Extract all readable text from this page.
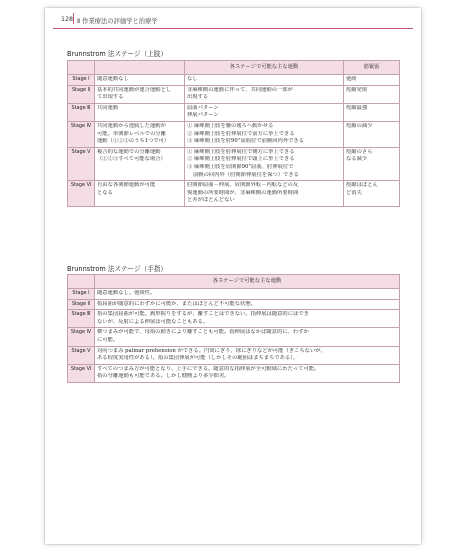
128 Ⅱ 作業療法の評価学と治療学
Brunnstrom 法ステージ（上肢）
		各ステージで可能な主な運動	筋緊張
Stage Ⅰ	随意運動なし	なし	弛緩

Stage Ⅱ	基本的共同運動が連合運動とし
て出現する	非麻痺側の運動に伴って、共同運動の一部が
出現する	痙縮発現

Stage Ⅲ	共同運動	屈曲パターン
伸展パターン	痙縮最強

Stage Ⅳ	共同運動から逸脱した運動が
可能。単関節レベルでの分離
運動（①②③のうち1つで可）	① 麻痺側上肢を腰の後ろへ動かせる
② 麻痺側上肢を肘伸展位で前方に挙上できる
③ 麻痺側上肢を肘90°屈曲位で前腕回内外できる	痙縮の減少

Stage Ⅴ	複合的な運動での分離運動
（①②③すべて可能な場合）	① 麻痺側上肢を肘伸展位で側方に挙上できる
② 麻痺側上肢を肘伸展位で頭上に挙上できる
③ 麻痺側上肢を肩関節90°屈曲、肘伸展位で
前腕の回内外（肘関節伸展位を保つ）できる	痙縮のさら
なる減少

Stage Ⅵ	自由な各関節運動が可能
となる	肘関節屈曲－伸展、肩関節外転－内転などの反
復運動の所要時間が、非麻痺側の運動所要時間
と差がほとんどない	痙縮はほとん
ど消失
Brunnstrom 法ステージ（手指）
	各ステージで可能な主な運動
Stage Ⅰ	随意運動なし。弛緩性。

Stage Ⅱ	指屈曲が随意的にわずかに可能か、またはほとんど不可能な状態。

Stage Ⅲ	指の集団屈曲が可能。鉤形握りをするが、離すことはできない。指伸展は随意的にはでき
ないが、反射による伸展は可能なこともある。

Stage Ⅳ	横つまみが可能で、母指の動きにより離すことも可能。指伸展はなかば随意的に、わずか
に可能。

Stage Ⅴ	対向つまみ palmar prehension ができる。円筒にぎり、球にぎりなどが可能（ぎこちないが、
ある程度実用性がある）。指の集団伸展が可能（しかしその範囲はまちまちである）。

Stage Ⅵ	すべてのつまみ方が可能となり、上手にできる。随意的な指伸展が全可動域にわたって可能。
指の分離運動も可能である。しかし健側より多少拙劣。
